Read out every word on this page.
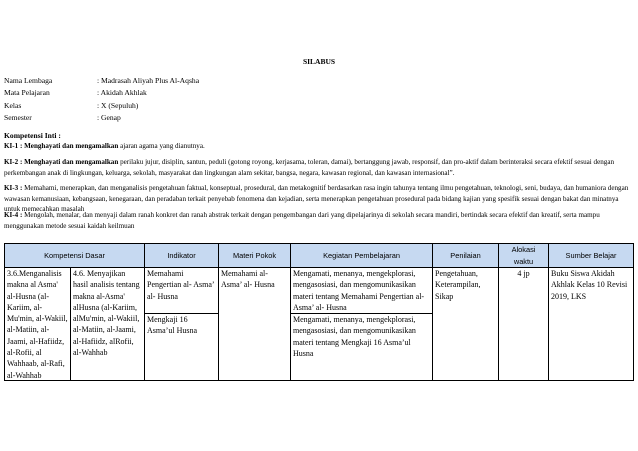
SILABUS
Nama Lembaga	: Madrasah Aliyah Plus Al-Aqsha
Mata Pelajaran	: Akidah Akhlak
Kelas	: X (Sepuluh)
Semester	: Genap
Kompetensi Inti :
KI-1 : Menghayati dan mengamalkan ajaran agama yang dianutnya.
KI-2 : Menghayati dan mengamalkan perilaku jujur, disiplin, santun, peduli (gotong royong, kerjasama, toleran, damai), bertanggung jawab, responsif, dan pro-aktif dalam berinteraksi secara efektif sesuai dengan perkembangan anak di lingkungan, keluarga, sekolah, masyarakat dan lingkungan alam sekitar, bangsa, negara, kawasan regional, dan kawasan internasional”.
KI-3 : Memahami, menerapkan, dan menganalisis pengetahuan faktual, konseptual, prosedural, dan metakognitif berdasarkan rasa ingin tahunya tentang ilmu pengetahuan, teknologi, seni, budaya, dan humaniora dengan wawasan kemanusiaan, kebangsaan, kenegaraan, dan peradaban terkait penyebab fenomena dan kejadian, serta menerapkan pengetahuan prosedural pada bidang kajian yang spesifik sesuai dengan bakat dan minatnya untuk memecahkan masalah
KI-4 : Mengolah, menalar, dan menyaji dalam ranah konkret dan ranah abstrak terkait dengan pengembangan dari yang dipelajarinya di sekolah secara mandiri, bertindak secara efektif dan kreatif, serta mampu menggunakan metode sesuai kaidah keilmuan
Kompetensi Dasar		Indikator	Materi Pokok	Kegiatan Pembelajaran	Penilaian	Alokasi waktu	Sumber Belajar

3.6.Menganalisis makna al Asma' al-Husna (al-Kariim, al-Mu'min, al-Wakiil, al-Matiin, al-Jaami, al-Hafiidz, al-Rofii, al Wahhaab, al-Rafi, al-Wahhab	4.6. Menyajikan hasil analisis tentang makna al-Asma' alHusna (al-Kariim, alMu'min, al-Wakiil, al-Matiin, al-Jaami, al-Hafiidz, alRofii, al-Wahhab	Memahami Pengertian al- Asma’ al- Husna	Memahami al-Asma’ al- Husna	Mengamati, menanya, mengekplorasi, mengasosiasi, dan mengomunikasikan materi tentang Memahami Pengertian al-Asma’ al- Husna	Pengetahuan, Keterampilan, Sikap	4 jp	Buku Siswa Akidah Akhlak Kelas 10 Revisi 2019, LKS
		Mengkaji 16 Asma’ul Husna		Mengamati, menanya, mengekplorasi, mengasosiasi, dan mengomunikasikan materi tentang Mengkaji 16 Asma’ul Husna			
